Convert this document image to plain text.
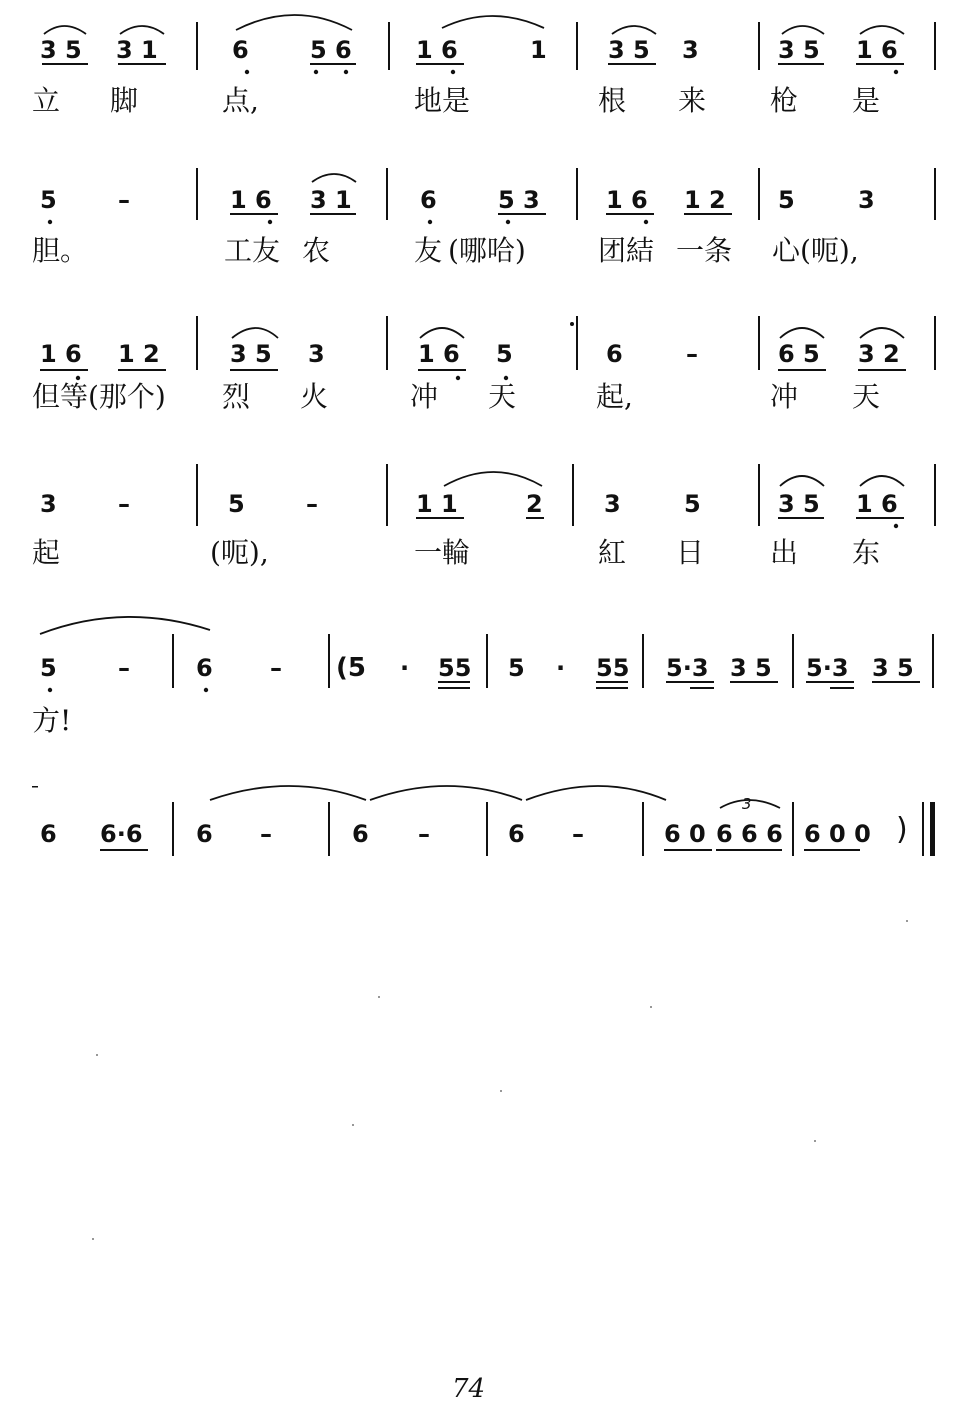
3 5 3 1	6	5 6	1 6	1	3 5 3	3 5 1 6
立 脚	点,	地是	根 来 枪 是
5	–	1 6 3 1	6	5 3	1 6 1 2 5	3
胆。	工友 农	友 (哪哈)	团結 一条 心 (呃),
1 6 1 2	3 5 3	1 6 5	6	–	6 5 3 2
但等(那个) 烈 火	冲 天	起,	冲 天
3	–	5	–	1 1	2	3	5	3 5 1 6
起	(呃),	一輪	紅 日 出 东
5	–	6 – (5 · 55 5 · 55 5·3 3 5 5·3 3 5
方!
6 6·6 6 –	6 –	6 –	6 0 6 6 6
3
6 0 0 )
74
